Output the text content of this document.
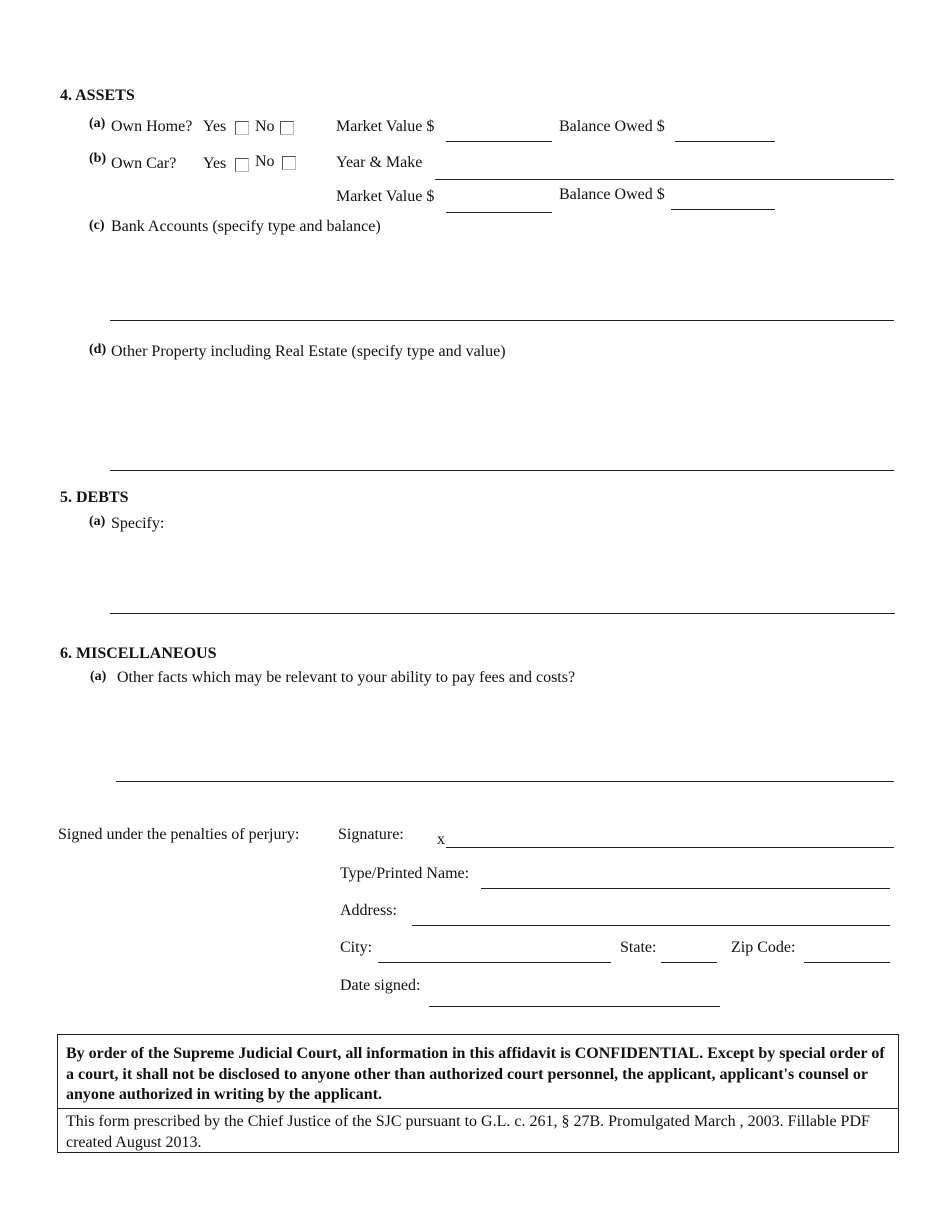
4. ASSETS
(a) Own Home? Yes No	Market Value $	Balance Owed $
(b) Own Car? Yes No	Year & Make
Market Value $	Balance Owed $
(c) Bank Accounts (specify type and balance)
(d) Other Property including Real Estate (specify type and value)
5. DEBTS
(a) Specify:
6. MISCELLANEOUS
(a) Other facts which may be relevant to your ability to pay fees and costs?
Signed under the penalties of perjury: Signature: x
Type/Printed Name:
Address:
City:	State:	Zip Code:
Date signed:
By order of the Supreme Judicial Court, all information in this affidavit is CONFIDENTIAL. Except by special order of a court, it shall not be disclosed to anyone other than authorized court personnel, the applicant, applicant's counsel or anyone authorized in writing by the applicant.
This form prescribed by the Chief Justice of the SJC pursuant to G.L. c. 261, § 27B. Promulgated March , 2003. Fillable PDF created August 2013.
